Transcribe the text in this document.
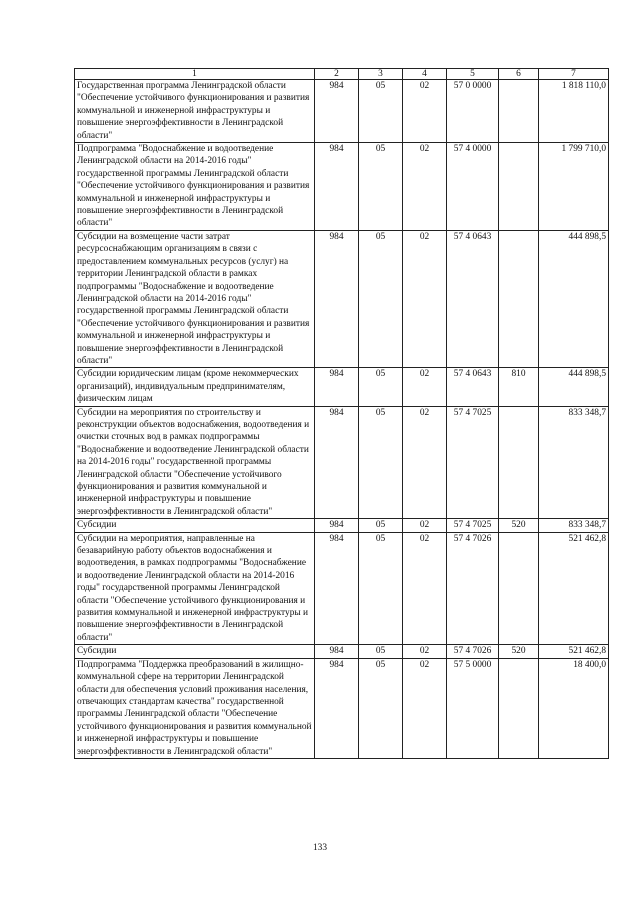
1	2	3	4	5	6	7
Государственная программа Ленинградской области "Обеспечение устойчивого функционирования и развития коммунальной и инженерной инфраструктуры и повышение энергоэффективности в Ленинградской области"	984	05	02	57 0 0000		1 818 110,0
Подпрограмма "Водоснабжение и водоотведение Ленинградской области на 2014-2016 годы" государственной программы Ленинградской области "Обеспечение устойчивого функционирования и развития коммунальной и инженерной инфраструктуры и повышение энергоэффективности в Ленинградской области"	984	05	02	57 4 0000		1 799 710,0
Субсидии на возмещение части затрат ресурсоснабжающим организациям в связи с предоставлением коммунальных ресурсов (услуг) на территории Ленинградской области в рамках подпрограммы "Водоснабжение и водоотведение Ленинградской области на 2014-2016 годы" государственной программы Ленинградской области "Обеспечение устойчивого функционирования и развития коммунальной и инженерной инфраструктуры и повышение энергоэффективности в Ленинградской области"	984	05	02	57 4 0643		444 898,5
Субсидии юридическим лицам (кроме некоммерческих организаций), индивидуальным предпринимателям, физическим лицам	984	05	02	57 4 0643	810	444 898,5
Субсидии на мероприятия по строительству и реконструкции объектов водоснабжения, водоотведения и очистки сточных вод в рамках подпрограммы "Водоснабжение и водоотведение Ленинградской области на 2014-2016 годы" государственной программы Ленинградской области "Обеспечение устойчивого функционирования и развития коммунальной и инженерной инфраструктуры и повышение энергоэффективности в Ленинградской области"	984	05	02	57 4 7025		833 348,7
Субсидии	984	05	02	57 4 7025	520	833 348,7
Субсидии на мероприятия, направленные на безаварийную работу объектов водоснабжения и водоотведения, в рамках подпрограммы "Водоснабжение и водоотведение Ленинградской области на 2014-2016 годы" государственной программы Ленинградской области "Обеспечение устойчивого функционирования и развития коммунальной и инженерной инфраструктуры и повышение энергоэффективности в Ленинградской области"	984	05	02	57 4 7026		521 462,8
Субсидии	984	05	02	57 4 7026	520	521 462,8
Подпрограмма "Поддержка преобразований в жилищно-коммунальной сфере на территории Ленинградской области для обеспечения условий проживания населения, отвечающих стандартам качества" государственной программы Ленинградской области "Обеспечение устойчивого функционирования и развития коммунальной и инженерной инфраструктуры и повышение энергоэффективности в Ленинградской области"	984	05	02	57 5 0000		18 400,0
133
